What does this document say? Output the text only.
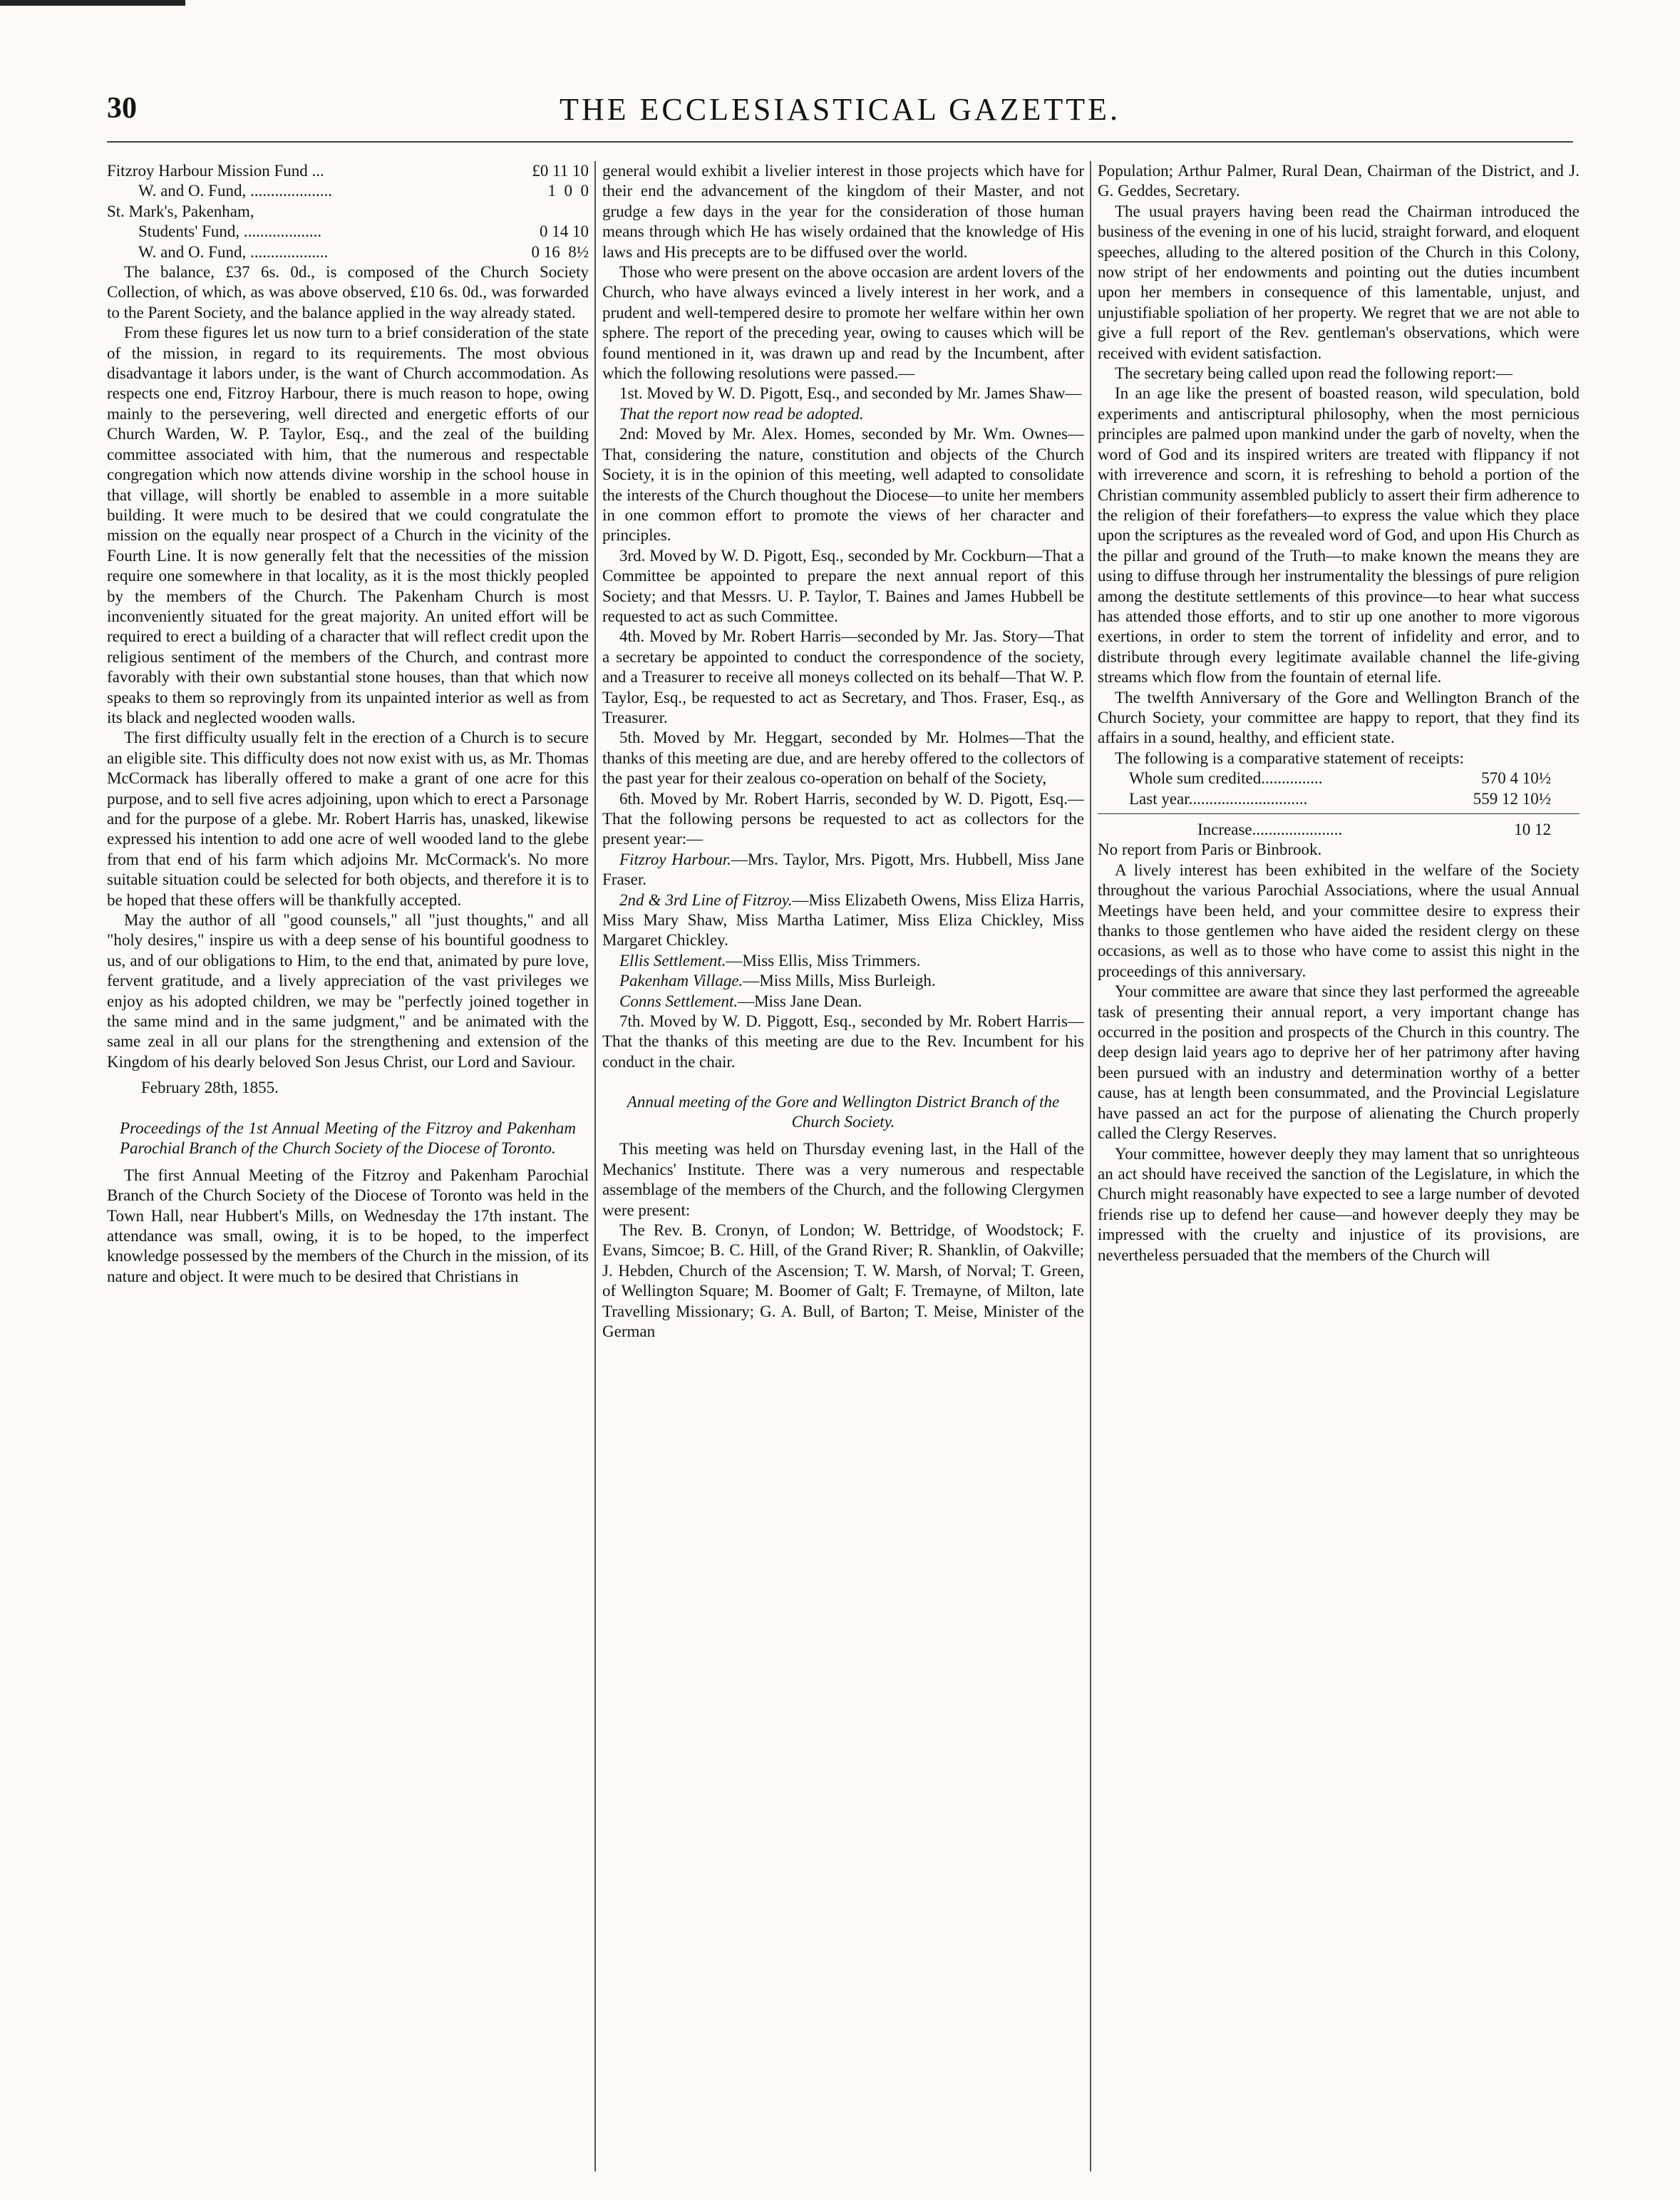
30	THE ECCLESIASTICAL GAZETTE.
Fitzroy Harbour Mission Fund ...	£0 11 10
W. and O. Fund, ....................	1  0  0
St. Mark's, Pakenham,
Students' Fund, ...................	0 14 10
W. and O. Fund, ...................	0 16  8½

The balance, £37 6s. 0d., is composed of the Church Society Collection, of which, as was above observed, £10 6s. 0d., was forwarded to the Parent Society, and the balance applied in the way already stated.

From these figures let us now turn to a brief consideration of the state of the mission, in regard to its requirements. The most obvious disadvantage it labors under, is the want of Church accommodation. As respects one end, Fitzroy Harbour, there is much reason to hope, owing mainly to the persevering, well directed and energetic efforts of our Church Warden, W. P. Taylor, Esq., and the zeal of the building committee associated with him, that the numerous and respectable congregation which now attends divine worship in the school house in that village, will shortly be enabled to assemble in a more suitable building. It were much to be desired that we could congratulate the mission on the equally near prospect of a Church in the vicinity of the Fourth Line. It is now generally felt that the necessities of the mission require one somewhere in that locality, as it is the most thickly peopled by the members of the Church. The Pakenham Church is most inconveniently situated for the great majority. An united effort will be required to erect a building of a character that will reflect credit upon the religious sentiment of the members of the Church, and contrast more favorably with their own substantial stone houses, than that which now speaks to them so reprovingly from its unpainted interior as well as from its black and neglected wooden walls.

The first difficulty usually felt in the erection of a Church is to secure an eligible site. This difficulty does not now exist with us, as Mr. Thomas McCormack has liberally offered to make a grant of one acre for this purpose, and to sell five acres adjoining, upon which to erect a Parsonage and for the purpose of a glebe. Mr. Robert Harris has, unasked, likewise expressed his intention to add one acre of well wooded land to the glebe from that end of his farm which adjoins Mr. McCormack's. No more suitable situation could be selected for both objects, and therefore it is to be hoped that these offers will be thankfully accepted.

May the author of all "good counsels," all "just thoughts," and all "holy desires," inspire us with a deep sense of his bountiful goodness to us, and of our obligations to Him, to the end that, animated by pure love, fervent gratitude, and a lively appreciation of the vast privileges we enjoy as his adopted children, we may be "perfectly joined together in the same mind and in the same judgment," and be animated with the same zeal in all our plans for the strengthening and extension of the Kingdom of his dearly beloved Son Jesus Christ, our Lord and Saviour.

February 28th, 1855.

Proceedings of the 1st Annual Meeting of the Fitzroy and Pakenham Parochial Branch of the Church Society of the Diocese of Toronto.

The first Annual Meeting of the Fitzroy and Pakenham Parochial Branch of the Church Society of the Diocese of Toronto was held in the Town Hall, near Hubbert's Mills, on Wednesday the 17th instant. The attendance was small, owing, it is to be hoped, to the imperfect knowledge possessed by the members of the Church in the mission, of its nature and object. It were much to be desired that Christians in

general would exhibit a livelier interest in those projects which have for their end the advancement of the kingdom of their Master, and not grudge a few days in the year for the consideration of those human means through which He has wisely ordained that the knowledge of His laws and His precepts are to be diffused over the world.

Those who were present on the above occasion are ardent lovers of the Church, who have always evinced a lively interest in her work, and a prudent and well-tempered desire to promote her welfare within her own sphere. The report of the preceding year, owing to causes which will be found mentioned in it, was drawn up and read by the Incumbent, after which the following resolutions were passed.—

1st. Moved by W. D. Pigott, Esq., and seconded by Mr. James Shaw—

That the report now read be adopted.

2nd: Moved by Mr. Alex. Homes, seconded by Mr. Wm. Ownes—That, considering the nature, constitution and objects of the Church Society, it is in the opinion of this meeting, well adapted to consolidate the interests of the Church thoughout the Diocese—to unite her members in one common effort to promote the views of her character and principles.

3rd. Moved by W. D. Pigott, Esq., seconded by Mr. Cockburn—That a Committee be appointed to prepare the next annual report of this Society; and that Messrs. U. P. Taylor, T. Baines and James Hubbell be requested to act as such Committee.

4th. Moved by Mr. Robert Harris—seconded by Mr. Jas. Story—That a secretary be appointed to conduct the correspondence of the society, and a Treasurer to receive all moneys collected on its behalf—That W. P. Taylor, Esq., be requested to act as Secretary, and Thos. Fraser, Esq., as Treasurer.

5th. Moved by Mr. Heggart, seconded by Mr. Holmes—That the thanks of this meeting are due, and are hereby offered to the collectors of the past year for their zealous co-operation on behalf of the Society,

6th. Moved by Mr. Robert Harris, seconded by W. D. Pigott, Esq.—That the following persons be requested to act as collectors for the present year:—

Fitzroy Harbour.—Mrs. Taylor, Mrs. Pigott, Mrs. Hubbell, Miss Jane Fraser.

2nd & 3rd Line of Fitzroy.—Miss Elizabeth Owens, Miss Eliza Harris, Miss Mary Shaw, Miss Martha Latimer, Miss Eliza Chickley, Miss Margaret Chickley.

Ellis Settlement.—Miss Ellis, Miss Trimmers.

Pakenham Village.—Miss Mills, Miss Burleigh.

Conns Settlement.—Miss Jane Dean.

7th. Moved by W. D. Piggott, Esq., seconded by Mr. Robert Harris—That the thanks of this meeting are due to the Rev. Incumbent for his conduct in the chair.

Annual meeting of the Gore and Wellington District Branch of the Church Society.

This meeting was held on Thursday evening last, in the Hall of the Mechanics' Institute. There was a very numerous and respectable assemblage of the members of the Church, and the following Clergymen were present:

The Rev. B. Cronyn, of London; W. Bettridge, of Woodstock; F. Evans, Simcoe; B. C. Hill, of the Grand River; R. Shanklin, of Oakville; J. Hebden, Church of the Ascension; T. W. Marsh, of Norval; T. Green, of Wellington Square; M. Boomer of Galt; F. Tremayne, of Milton, late Travelling Missionary; G. A. Bull, of Barton; T. Meise, Minister of the German

Population; Arthur Palmer, Rural Dean, Chairman of the District, and J. G. Geddes, Secretary.

The usual prayers having been read the Chairman introduced the business of the evening in one of his lucid, straight forward, and eloquent speeches, alluding to the altered position of the Church in this Colony, now stript of her endowments and pointing out the duties incumbent upon her members in consequence of this lamentable, unjust, and unjustifiable spoliation of her property. We regret that we are not able to give a full report of the Rev. gentleman's observations, which were received with evident satisfaction.

The secretary being called upon read the following report:—

In an age like the present of boasted reason, wild speculation, bold experiments and antiscriptural philosophy, when the most pernicious principles are palmed upon mankind under the garb of novelty, when the word of God and its inspired writers are treated with flippancy if not with irreverence and scorn, it is refreshing to behold a portion of the Christian community assembled publicly to assert their firm adherence to the religion of their forefathers—to express the value which they place upon the scriptures as the revealed word of God, and upon His Church as the pillar and ground of the Truth—to make known the means they are using to diffuse through her instrumentality the blessings of pure religion among the destitute settlements of this province—to hear what success has attended those efforts, and to stir up one another to more vigorous exertions, in order to stem the torrent of infidelity and error, and to distribute through every legitimate available channel the life-giving streams which flow from the fountain of eternal life.

The twelfth Anniversary of the Gore and Wellington Branch of the Church Society, your committee are happy to report, that they find its affairs in a sound, healthy, and efficient state.

The following is a comparative statement of receipts:

Whole sum credited...............	570 4 10½
Last year.............................	559 12 10½
Increase......................	10 12

No report from Paris or Binbrook.

A lively interest has been exhibited in the welfare of the Society throughout the various Parochial Associations, where the usual Annual Meetings have been held, and your committee desire to express their thanks to those gentlemen who have aided the resident clergy on these occasions, as well as to those who have come to assist this night in the proceedings of this anniversary.

Your committee are aware that since they last performed the agreeable task of presenting their annual report, a very important change has occurred in the position and prospects of the Church in this country. The deep design laid years ago to deprive her of her patrimony after having been pursued with an industry and determination worthy of a better cause, has at length been consummated, and the Provincial Legislature have passed an act for the purpose of alienating the Church properly called the Clergy Reserves.

Your committee, however deeply they may lament that so unrighteous an act should have received the sanction of the Legislature, in which the Church might reasonably have expected to see a large number of devoted friends rise up to defend her cause—and however deeply they may be impressed with the cruelty and injustice of its provisions, are nevertheless persuaded that the members of the Church will
